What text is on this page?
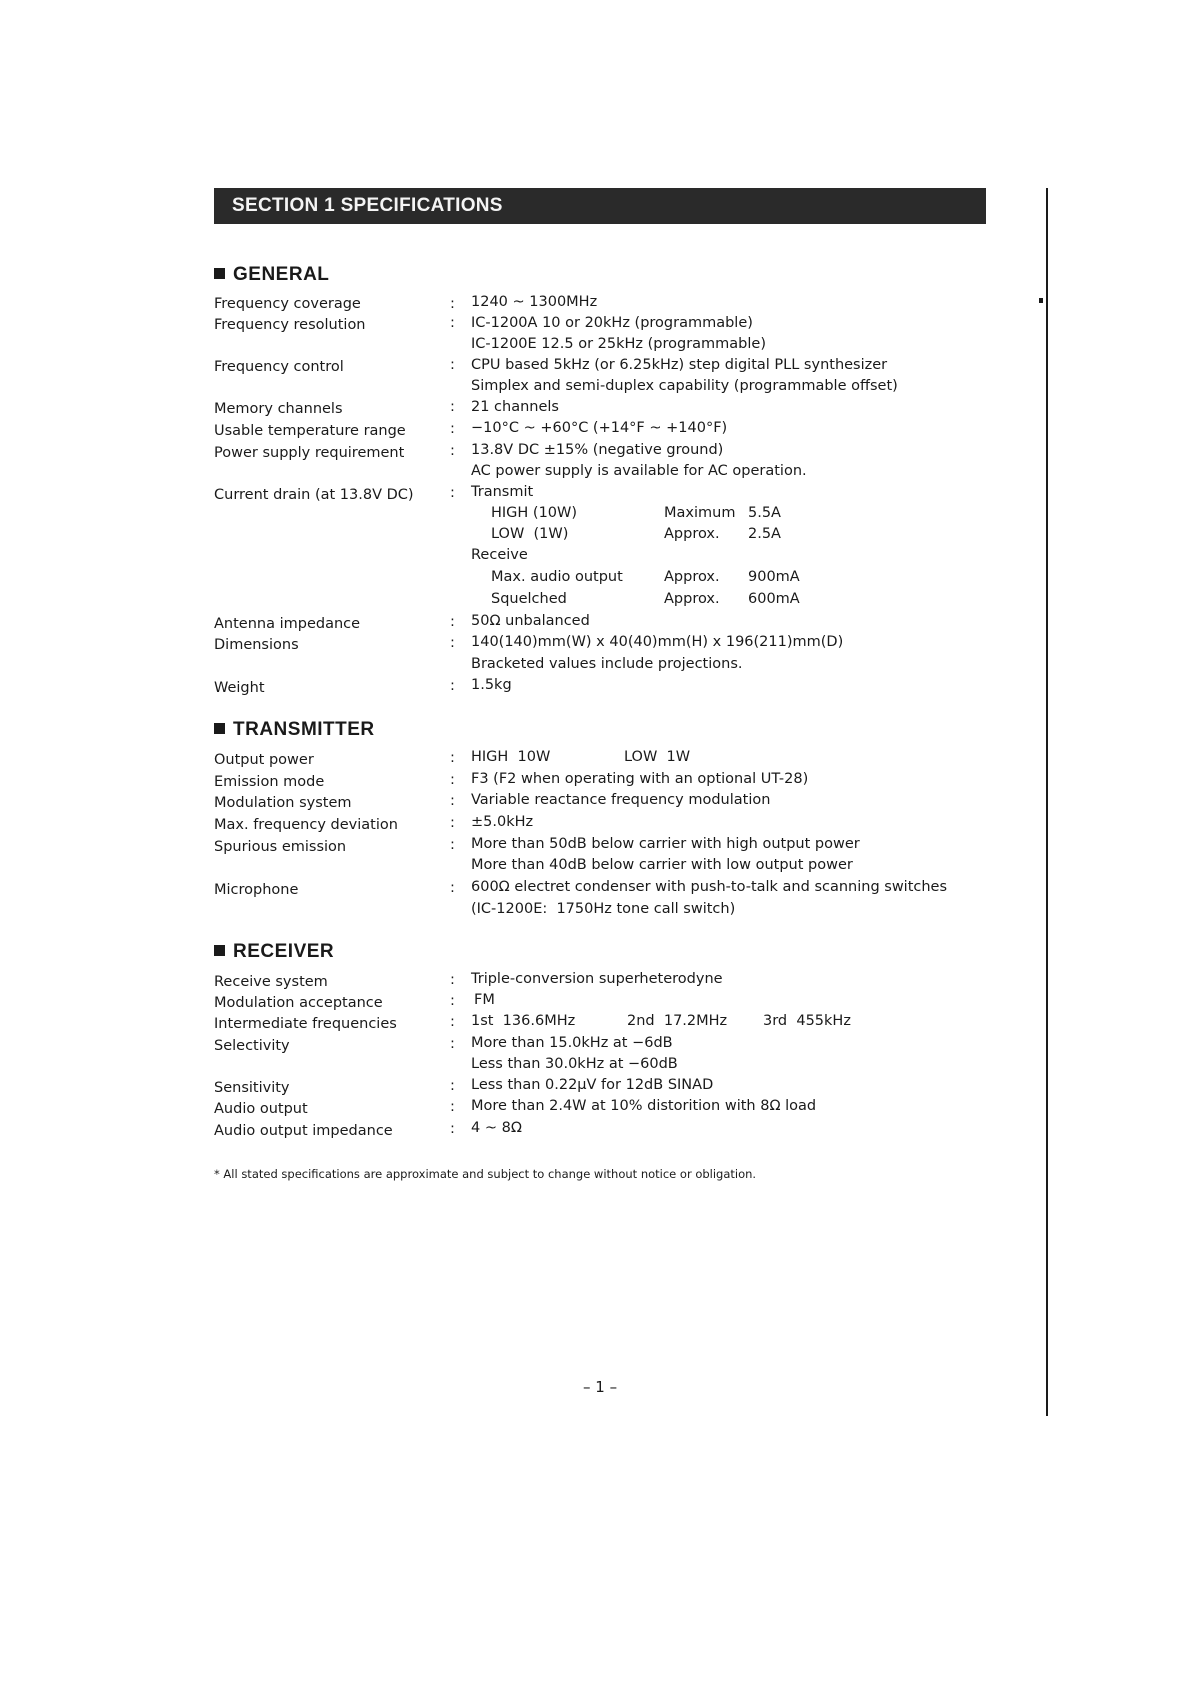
SECTION 1 SPECIFICATIONS
GENERAL
Frequency coverage	: 1240 ~ 1300MHz
Frequency resolution	: IC-1200A 10 or 20kHz (programmable)
IC-1200E 12.5 or 25kHz (programmable)
Frequency control	: CPU based 5kHz (or 6.25kHz) step digital PLL synthesizer
Simplex and semi-duplex capability (programmable offset)
Memory channels	: 21 channels
Usable temperature range	: −10°C ~ +60°C (+14°F ~ +140°F)
Power supply requirement	: 13.8V DC ±15% (negative ground)
AC power supply is available for AC operation.
Current drain (at 13.8V DC)	: Transmit
HIGH (10W)	Maximum 5.5A
LOW  (1W)	Approx. 2.5A
Receive
Max. audio output	Approx. 900mA
Squelched	Approx. 600mA
Antenna impedance	: 50Ω unbalanced
Dimensions	: 140(140)mm(W) x 40(40)mm(H) x 196(211)mm(D)
Bracketed values include projections.
Weight	: 1.5kg
TRANSMITTER
Output power	: HIGH  10W	LOW  1W
Emission mode	: F3 (F2 when operating with an optional UT-28)
Modulation system	: Variable reactance frequency modulation
Max. frequency deviation	: ±5.0kHz
Spurious emission	: More than 50dB below carrier with high output power
More than 40dB below carrier with low output power
Microphone	: 600Ω electret condenser with push-to-talk and scanning switches
(IC-1200E:  1750Hz tone call switch)
RECEIVER
Receive system	: Triple-conversion superheterodyne
Modulation acceptance	: FM
Intermediate frequencies	: 1st  136.6MHz	2nd  17.2MHz 3rd  455kHz
Selectivity	: More than 15.0kHz at −6dB
Less than 30.0kHz at −60dB
Sensitivity	: Less than 0.22μV for 12dB SINAD
Audio output	: More than 2.4W at 10% distorition with 8Ω load
Audio output impedance	: 4 ~ 8Ω
* All stated specifications are approximate and subject to change without notice or obligation.
– 1 –
